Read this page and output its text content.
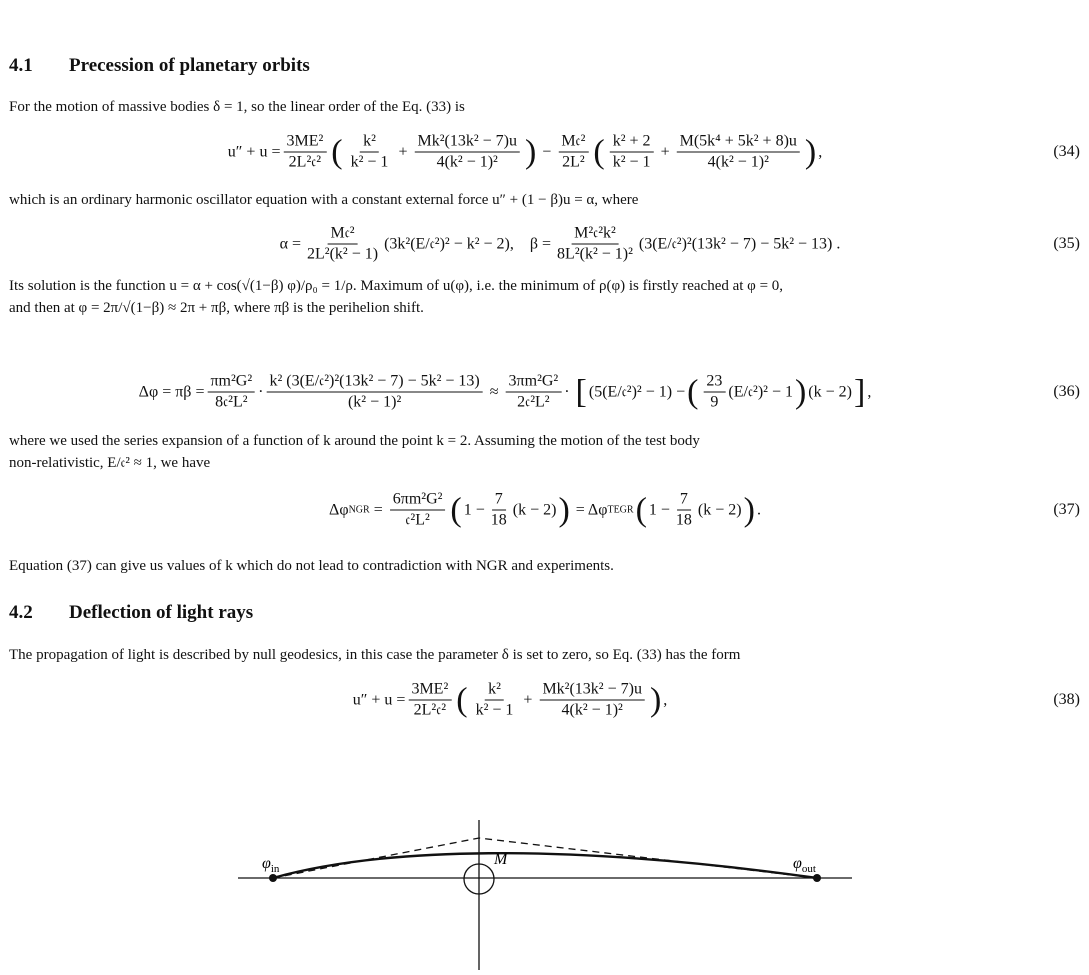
4.1 Precession of planetary orbits
For the motion of massive bodies δ = 1, so the linear order of the Eq. (33) is
$u'' + u = \frac{\text{3ME²}}{\text{2L²𝔠²}}$ ( $\frac{\text{k²}}{\text{k² − 1}} + \frac{\text{Mk²(13k² − 7)u}}{\text{4(k² − 1)²}}$ ) − $\frac{\text{M𝔠²}}{\text{2L²}}$ ( $\frac{\text{k² + 2}}{\text{k² − 1}} + \frac{\text{M(5k⁴ + 5k² + 8)u}}{\text{4(k² − 1)²}}$ ) ,	(34)
which is an ordinary harmonic oscillator equation with a constant external force u″ + (1 − β)u = α, where
$\alpha = \frac{\text{M𝔠²}}{\text{2L²(k² − 1)}}$ (3k²(E/𝔠²)² − k² − 2),
$\beta = \frac{\text{M²𝔠²k²}}{\text{8L²(k² − 1)²}}$ (3(E/𝔠²)²(13k² − 7) − 5k² − 13) .	(35)
Its solution is the function u = α + cos(√(1−β) φ)/ρ₀ = 1/ρ. Maximum of u(φ), i.e. the minimum of ρ(φ) is firstly reached at φ = 0,
and then at φ = 2π/√(1−β) ≈ 2π + πβ, where πβ is the perihelion shift.
$\Delta\varphi = \pi\beta = \frac{\text{πm²G²}}{\text{8𝔠²L²}} \cdot \frac{\text{k² (3(E/𝔠²)²(13k² − 7) − 5k² − 13)}}{\text{(k² − 1)²}} \approx \frac{\text{3πm²G²}}{\text{2𝔠²L²}}$ · [ (5(E/𝔠²)² − 1) − ( $\frac{23}{9}$ (E/𝔠²)² − 1 ) (k − 2) ] ,	(36)
where we used the series expansion of a function of k around the point k = 2. Assuming the motion of the test body
non-relativistic, E/𝔠² ≈ 1, we have
Δφ NGR = $\frac{\text{6πm²G²}}{\text{𝔠²L²}}$ ( $1 - \frac{7}{18} (k - 2)$ )
= Δφ TEGR ( $1 - \frac{7}{18} (k - 2)$ ) .	(37)
Equation (37) can give us values of k which do not lead to contradiction with NGR and experiments.
4.2 Deflection of light rays
The propagation of light is described by null geodesics, in this case the parameter δ is set to zero, so Eq. (33) has the form
$u'' + u = \frac{\text{3ME²}}{\text{2L²𝔠²}}$ ( $\frac{\text{k²}}{\text{k² − 1}} + \frac{\text{Mk²(13k² − 7)u}}{\text{4(k² − 1)²}}$ ) ,	(38)
$\varphi_{in}$	$\varphi_{out}$
M
